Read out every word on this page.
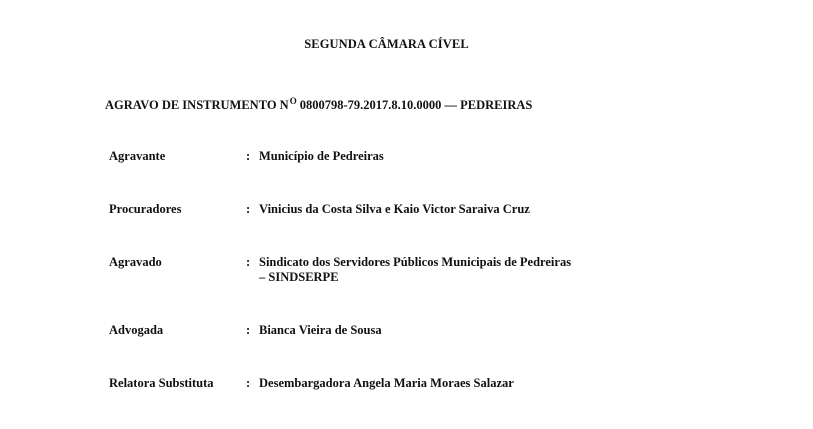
SEGUNDA CÂMARA CÍVEL
AGRAVO DE INSTRUMENTO $N^O$ 0800798-79.2017.8.10.0000 — PEDREIRAS
Agravante	: Município de Pedreiras
Procuradores	: Vinicius da Costa Silva e Kaio Victor Saraiva Cruz
Agravado	: Sindicato dos Servidores Públicos Municipais de Pedreiras
– SINDSERPE
Advogada	: Bianca Vieira de Sousa
Relatora Substituta	: Desembargadora Angela Maria Moraes Salazar
